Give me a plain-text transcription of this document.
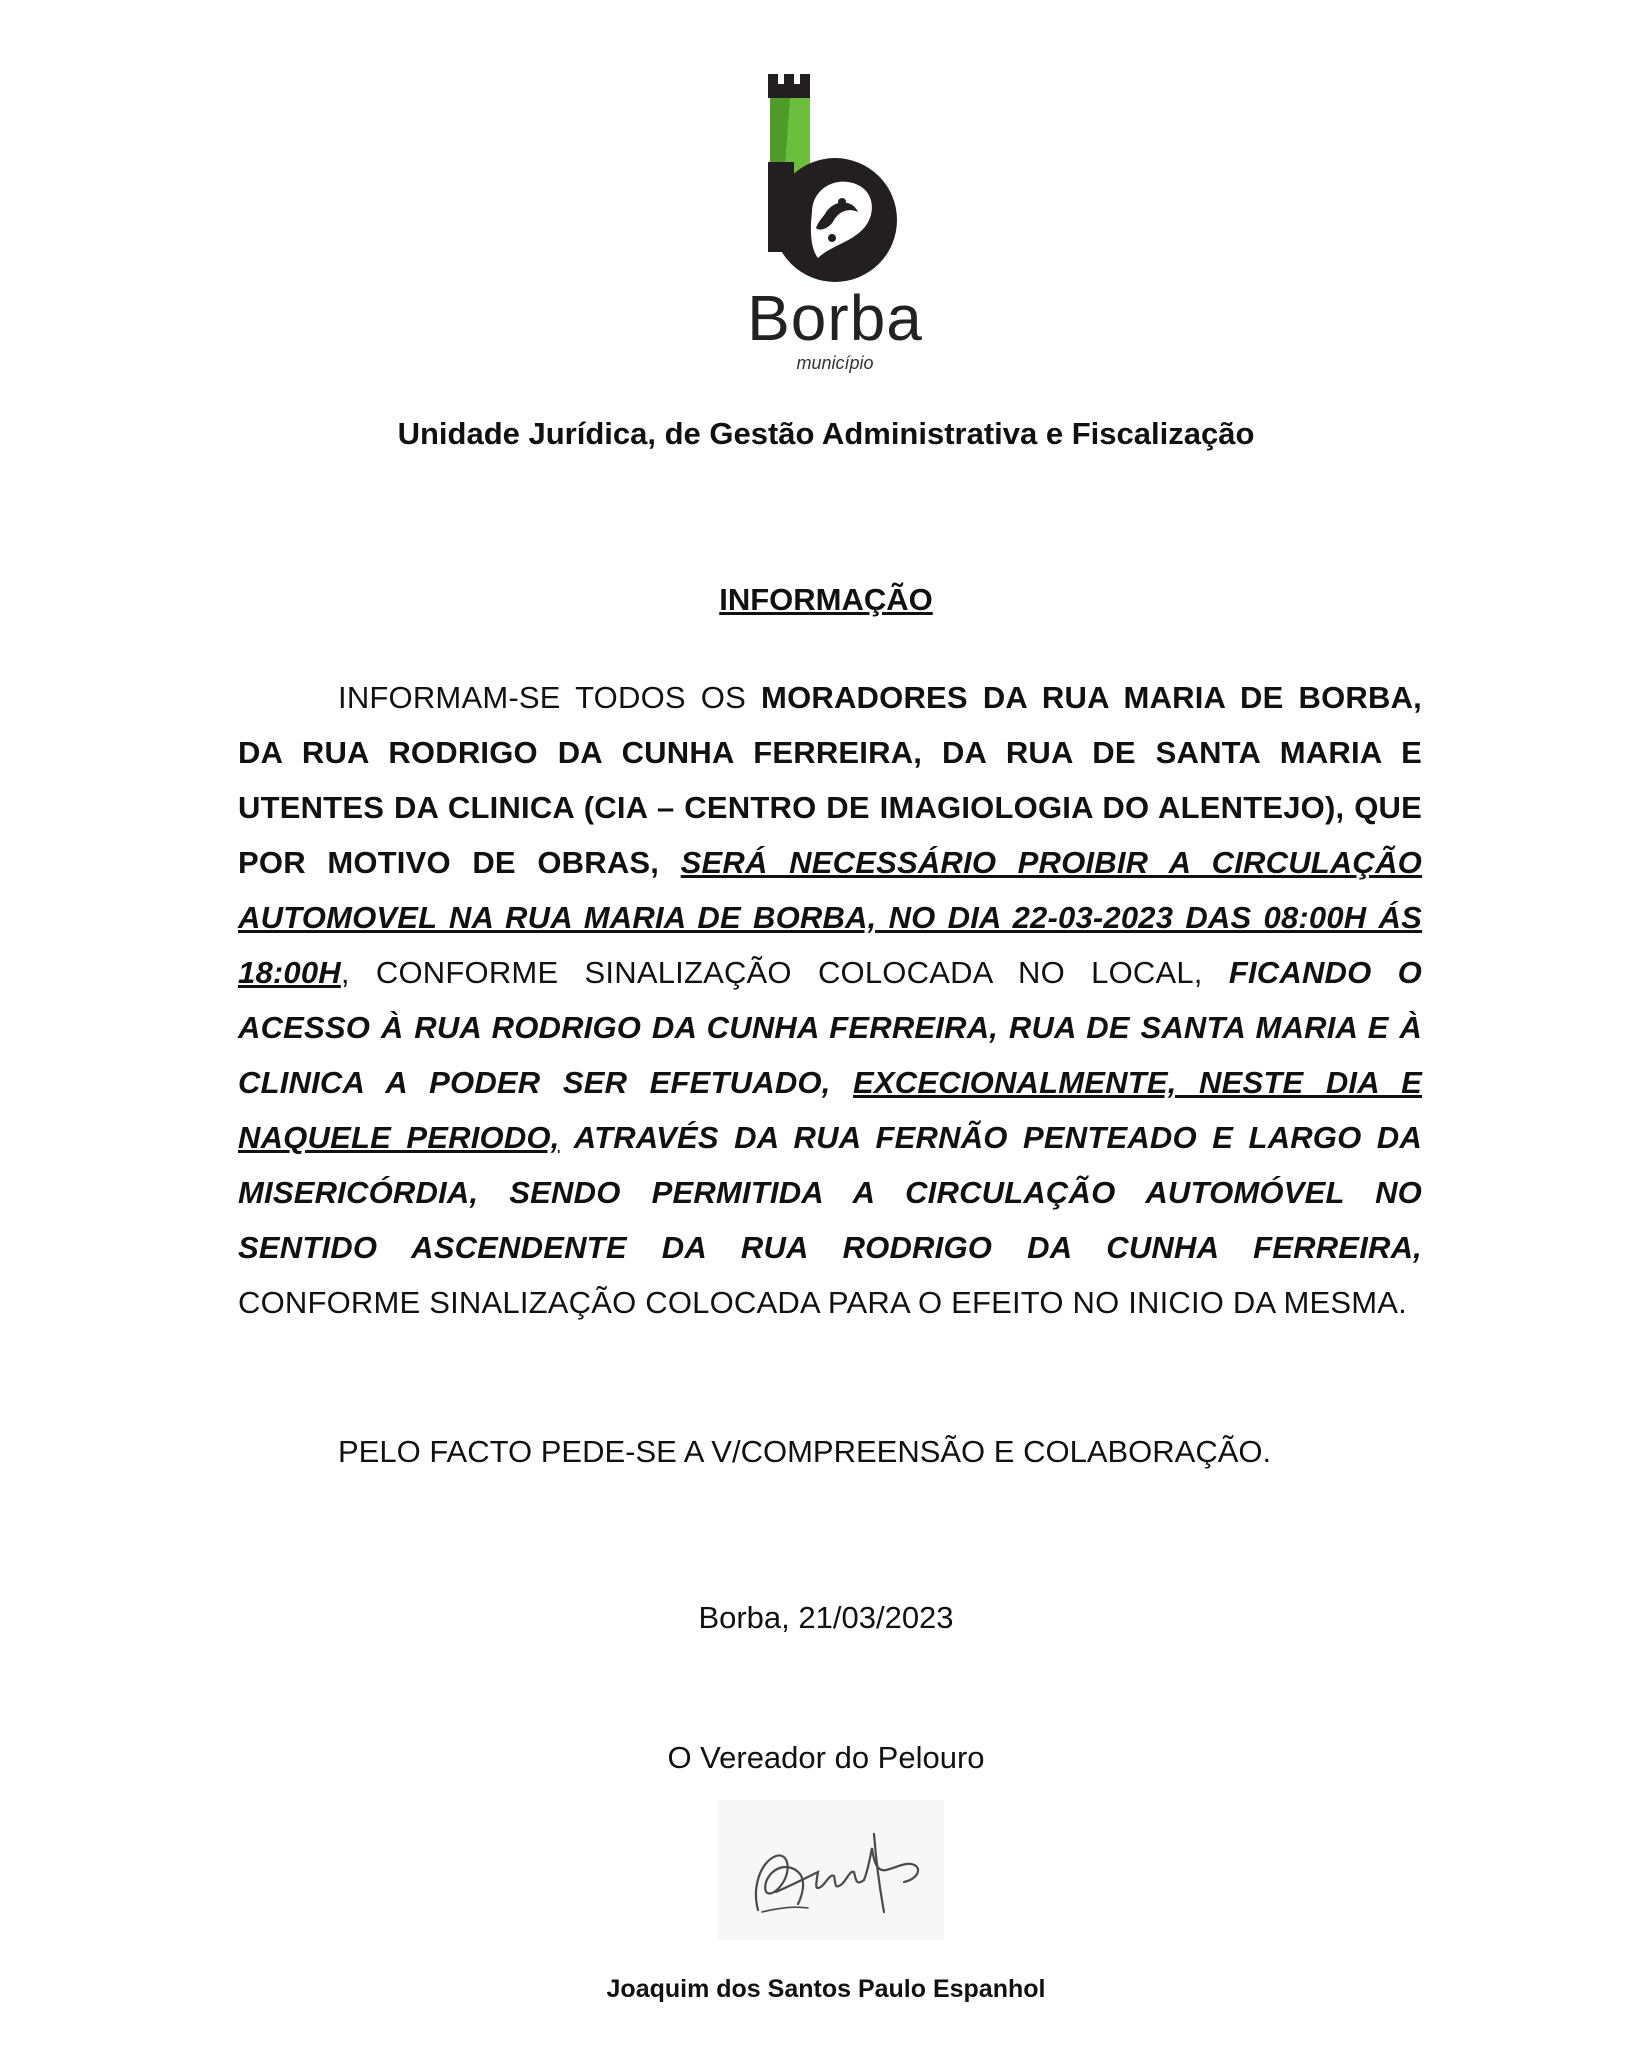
Borba
município
Unidade Jurídica, de Gestão Administrativa e Fiscalização
INFORMAÇÃO
INFORMAM-SE TODOS OS MORADORES DA RUA MARIA DE BORBA, DA RUA RODRIGO DA CUNHA FERREIRA, DA RUA DE SANTA MARIA E UTENTES DA CLINICA (CIA – CENTRO DE IMAGIOLOGIA DO ALENTEJO), QUE POR MOTIVO DE OBRAS, SERÁ NECESSÁRIO PROIBIR A CIRCULAÇÃO AUTOMOVEL NA RUA MARIA DE BORBA, NO DIA 22-03-2023 DAS 08:00H ÁS 18:00H, CONFORME SINALIZAÇÃO COLOCADA NO LOCAL, FICANDO O ACESSO À RUA RODRIGO DA CUNHA FERREIRA, RUA DE SANTA MARIA E À CLINICA A PODER SER EFETUADO, EXCECIONALMENTE, NESTE DIA E NAQUELE PERIODO, ATRAVÉS DA RUA FERNÃO PENTEADO E LARGO DA MISERICÓRDIA, SENDO PERMITIDA A CIRCULAÇÃO AUTOMÓVEL NO SENTIDO ASCENDENTE DA RUA RODRIGO DA CUNHA FERREIRA, CONFORME SINALIZAÇÃO COLOCADA PARA O EFEITO NO INICIO DA MESMA.
PELO FACTO PEDE-SE A V/COMPREENSÃO E COLABORAÇÃO.
Borba, 21/03/2023
O Vereador do Pelouro
Joaquim dos Santos Paulo Espanhol
